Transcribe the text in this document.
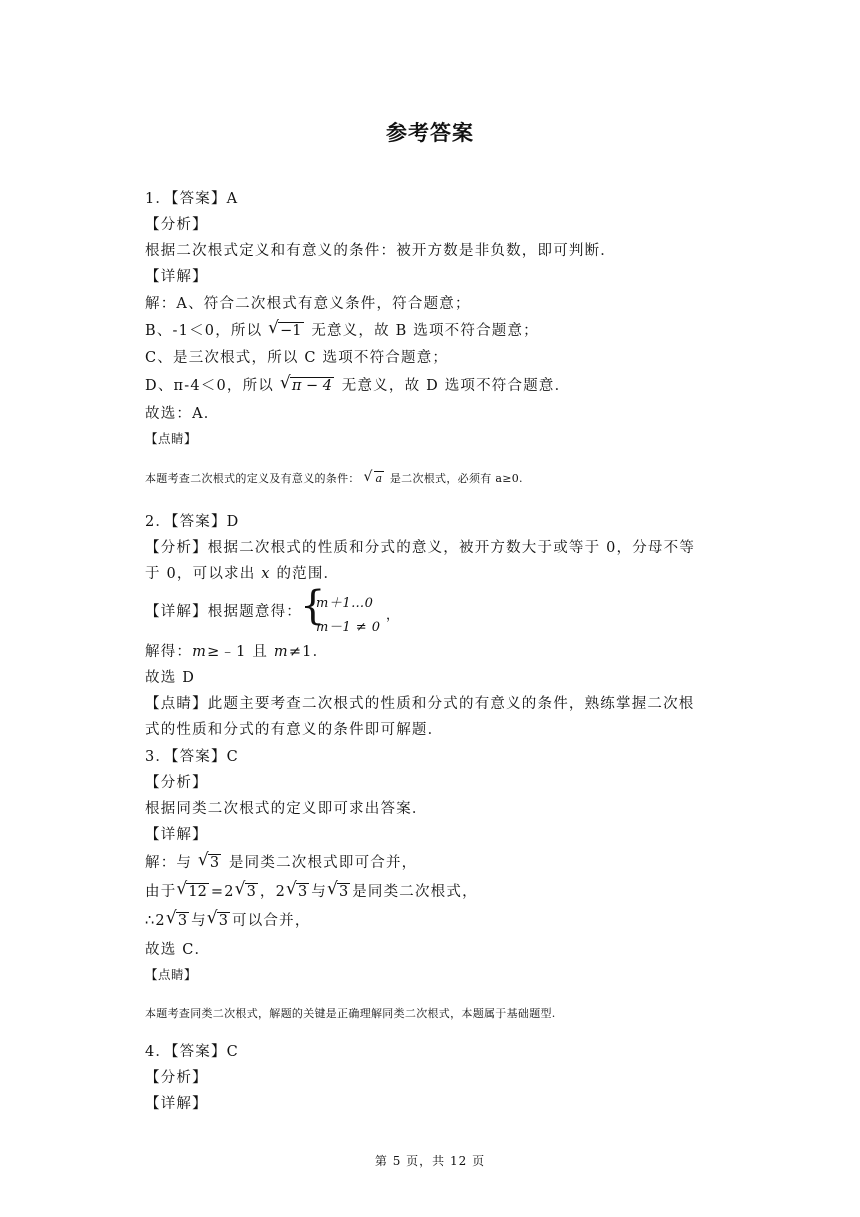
参考答案
1．【答案】A
【分析】
根据二次根式定义和有意义的条件：被开方数是非负数，即可判断．
【详解】
解：A、符合二次根式有意义条件，符合题意；
B、-1＜0，所以 √ −1 无意义，故 B 选项不符合题意；
C、是三次根式，所以 C 选项不符合题意；
D、π-4＜0，所以 √ π − 4 无意义，故 D 选项不符合题意．
故选：A．
【点睛】
本题考查二次根式的定义及有意义的条件： √ a 是二次根式，必须有 a≥0.
2．【答案】D
【分析】根据二次根式的性质和分式的意义，被开方数大于或等于 0，分母不等
于 0，可以求出 x 的范围．
【详解】根据题意得：
{
m＋1…0
m－1 ≠ 0
，
解得：m≥﹣1 且 m≠1．
故选 D
【点睛】此题主要考查二次根式的性质和分式的有意义的条件，熟练掌握二次根
式的性质和分式的有意义的条件即可解题．
3．【答案】C
【分析】
根据同类二次根式的定义即可求出答案．
【详解】
解：与 √ 3 是同类二次根式即可合并，
由于 √ 12 =2 √ 3 ，2 √ 3 与 √ 3 是同类二次根式，
∴2 √ 3 与 √ 3 可以合并，
故选 C．
【点睛】
本题考查同类二次根式，解题的关键是正确理解同类二次根式，本题属于基础题型.
4．【答案】C
【分析】
【详解】
第 5 页，共 12 页
